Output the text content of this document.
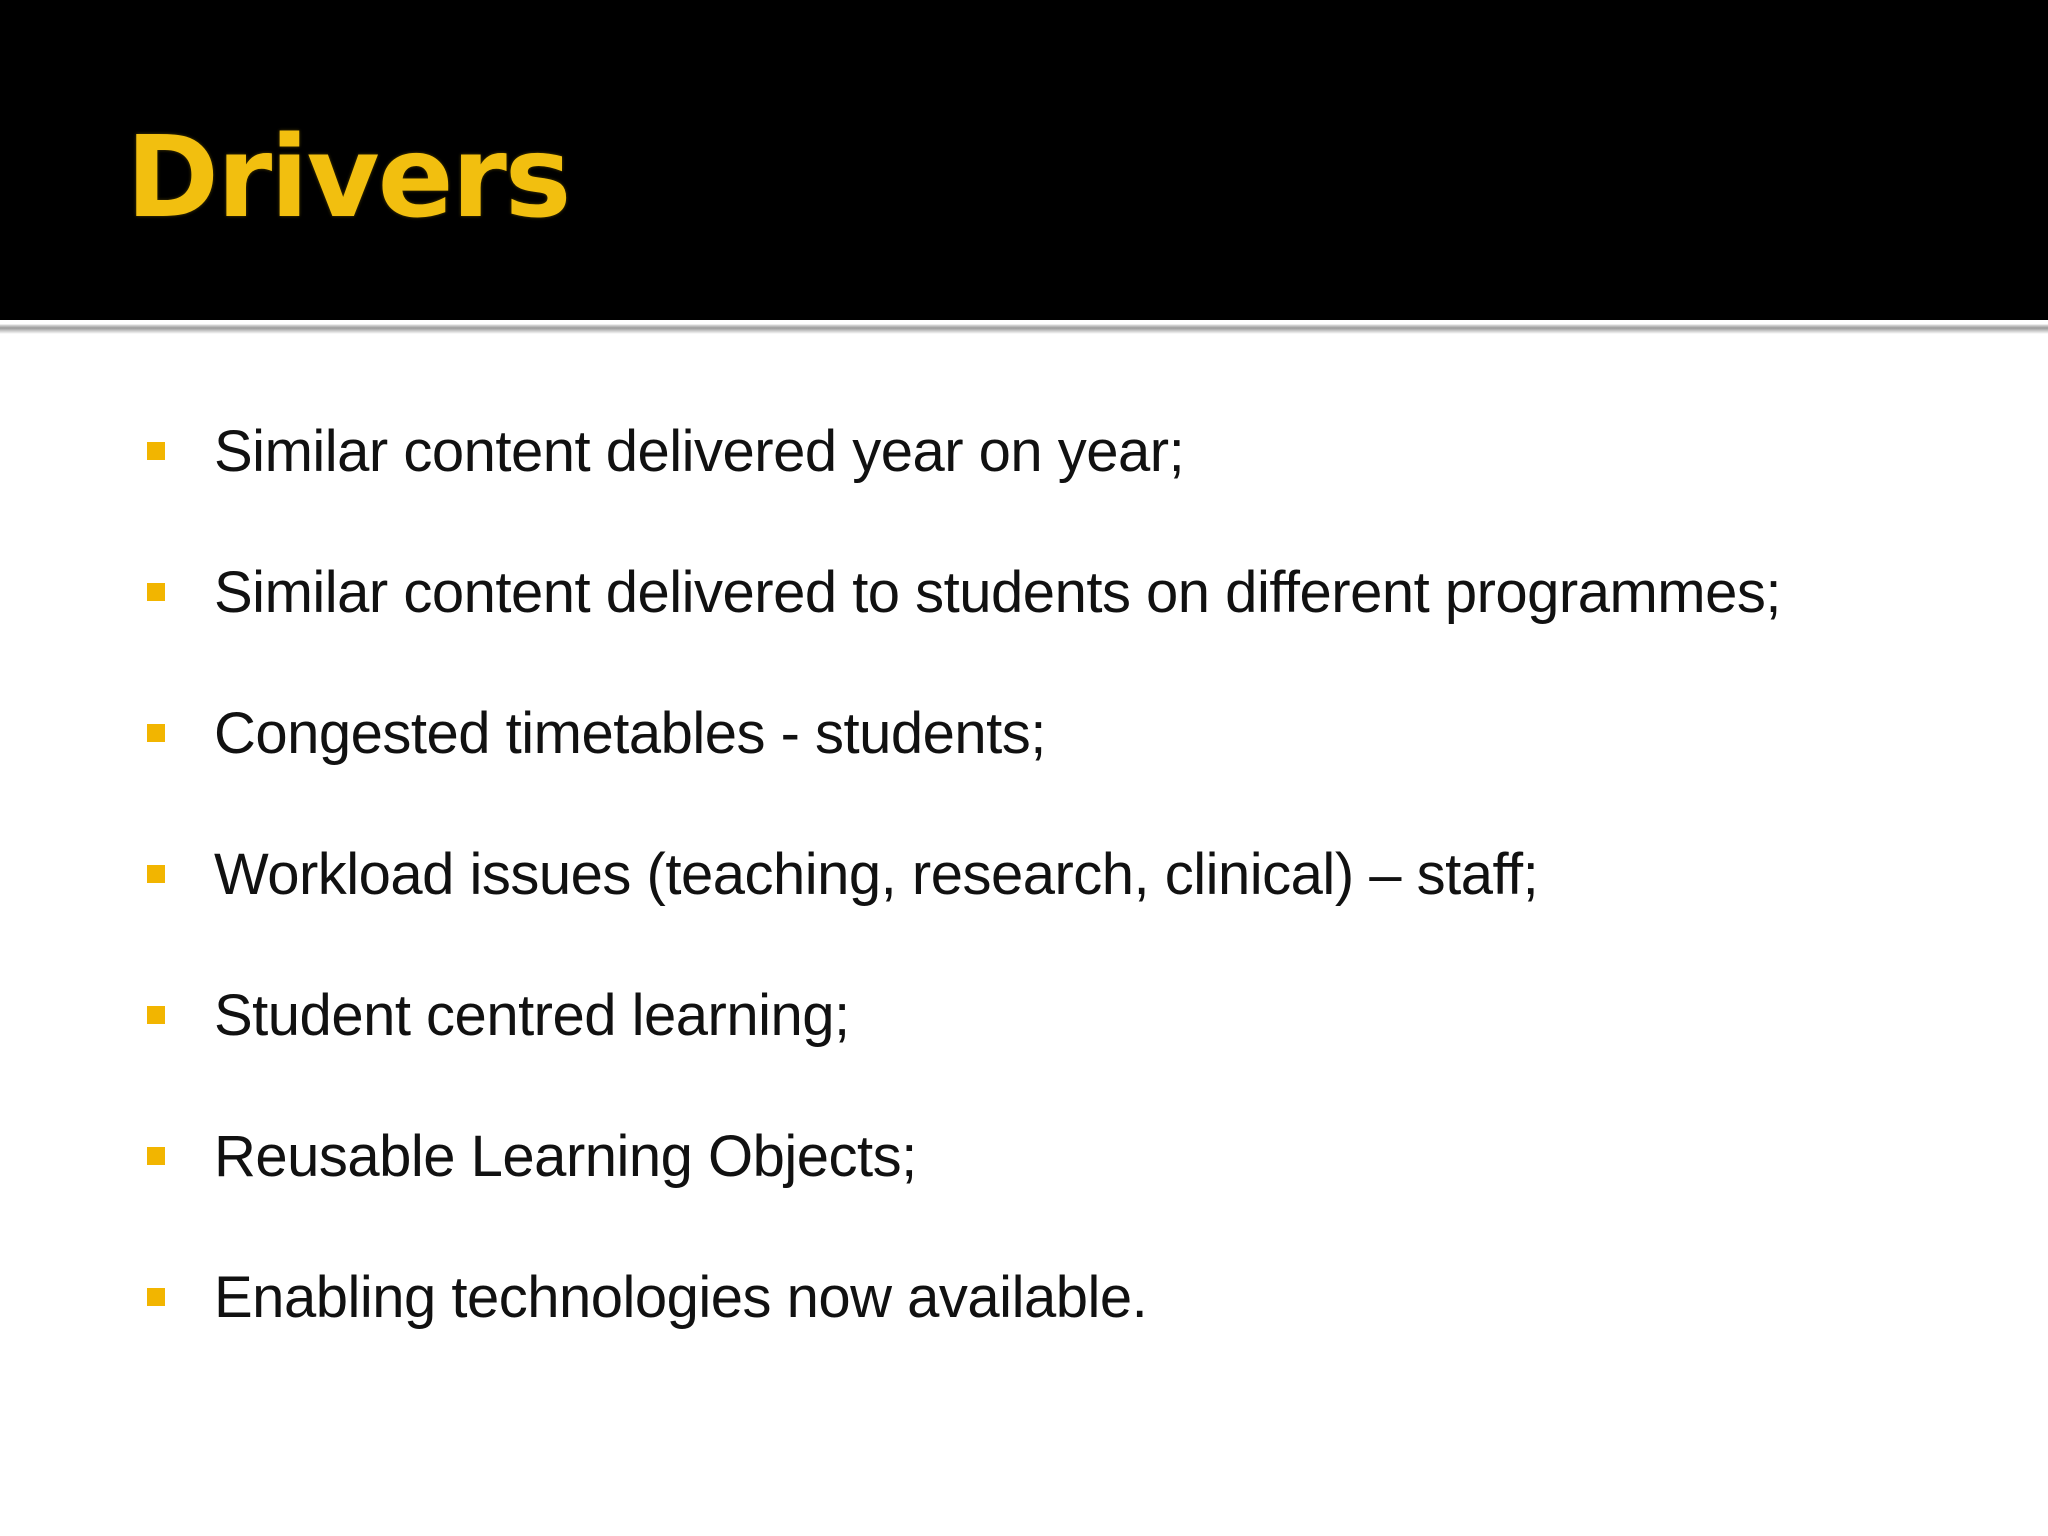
Drivers
Similar content delivered year on year;
Similar content delivered to students on different programmes;
Congested timetables - students;
Workload issues (teaching, research, clinical) – staff;
Student centred learning;
Reusable Learning Objects;
Enabling technologies now available.
